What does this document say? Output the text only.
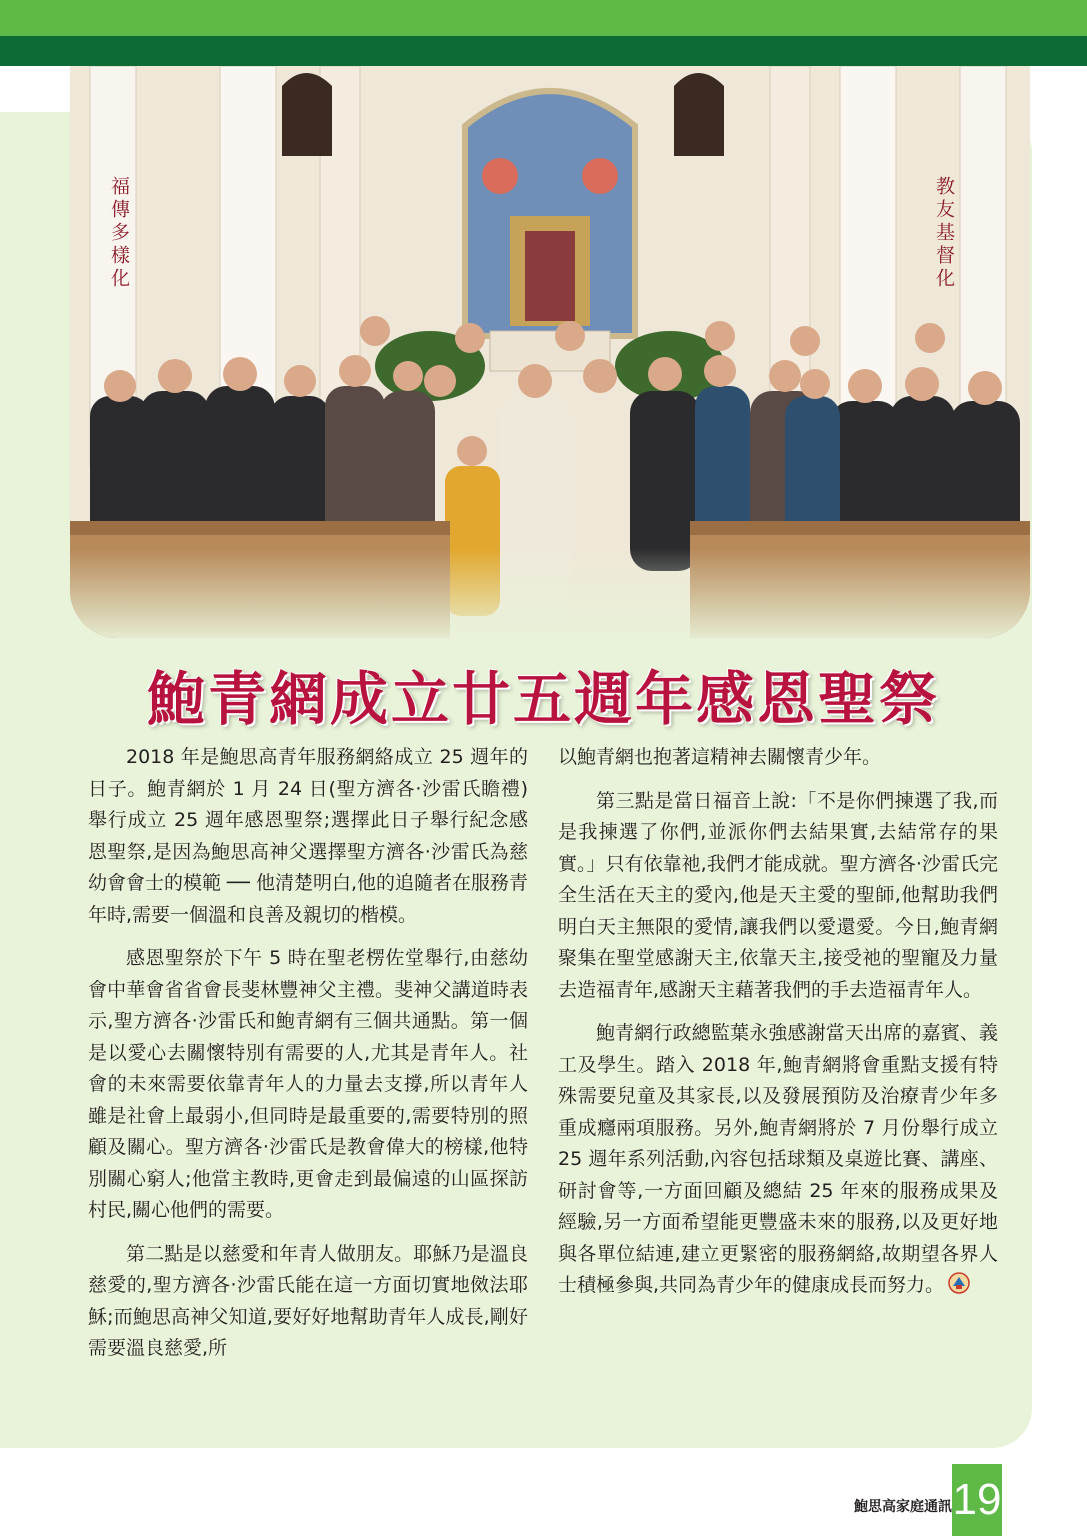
福傳多樣化	教友基督化
鮑青網成立廿五週年感恩聖祭

2018 年是鮑思高青年服務網絡成立 25 週年的日子。鮑青網於 1 月 24 日(聖方濟各‧沙雷氏瞻禮)舉行成立 25 週年感恩聖祭;選擇此日子舉行紀念感恩聖祭,是因為鮑思高神父選擇聖方濟各‧沙雷氏為慈幼會會士的模範 ── 他清楚明白,他的追隨者在服務青年時,需要一個溫和良善及親切的楷模。

感恩聖祭於下午 5 時在聖老楞佐堂舉行,由慈幼會中華會省省會長斐林豐神父主禮。斐神父講道時表示,聖方濟各‧沙雷氏和鮑青網有三個共通點。第一個是以愛心去關懷特別有需要的人,尤其是青年人。社會的未來需要依靠青年人的力量去支撐,所以青年人雖是社會上最弱小,但同時是最重要的,需要特別的照顧及關心。聖方濟各‧沙雷氏是教會偉大的榜樣,他特別關心窮人;他當主教時,更會走到最偏遠的山區探訪村民,關心他們的需要。

第二點是以慈愛和年青人做朋友。耶穌乃是溫良慈愛的,聖方濟各‧沙雷氏能在這一方面切實地傚法耶穌;而鮑思高神父知道,要好好地幫助青年人成長,剛好需要溫良慈愛,所

以鮑青網也抱著這精神去關懷青少年。

第三點是當日福音上說:「不是你們揀選了我,而是我揀選了你們,並派你們去結果實,去結常存的果實。」只有依靠祂,我們才能成就。聖方濟各‧沙雷氏完全生活在天主的愛內,他是天主愛的聖師,他幫助我們明白天主無限的愛情,讓我們以愛還愛。今日,鮑青網聚集在聖堂感謝天主,依靠天主,接受祂的聖寵及力量去造福青年,感謝天主藉著我們的手去造福青年人。

鮑青網行政總監葉永強感謝當天出席的嘉賓、義工及學生。踏入 2018 年,鮑青網將會重點支援有特殊需要兒童及其家長,以及發展預防及治療青少年多重成癮兩項服務。另外,鮑青網將於 7 月份舉行成立 25 週年系列活動,內容包括球類及桌遊比賽、講座、研討會等,一方面回顧及總結 25 年來的服務成果及經驗,另一方面希望能更豐盛未來的服務,以及更好地與各單位結連,建立更緊密的服務網絡,故期望各界人士積極參與,共同為青少年的健康成長而努力。

鮑思高家庭通訊 19
